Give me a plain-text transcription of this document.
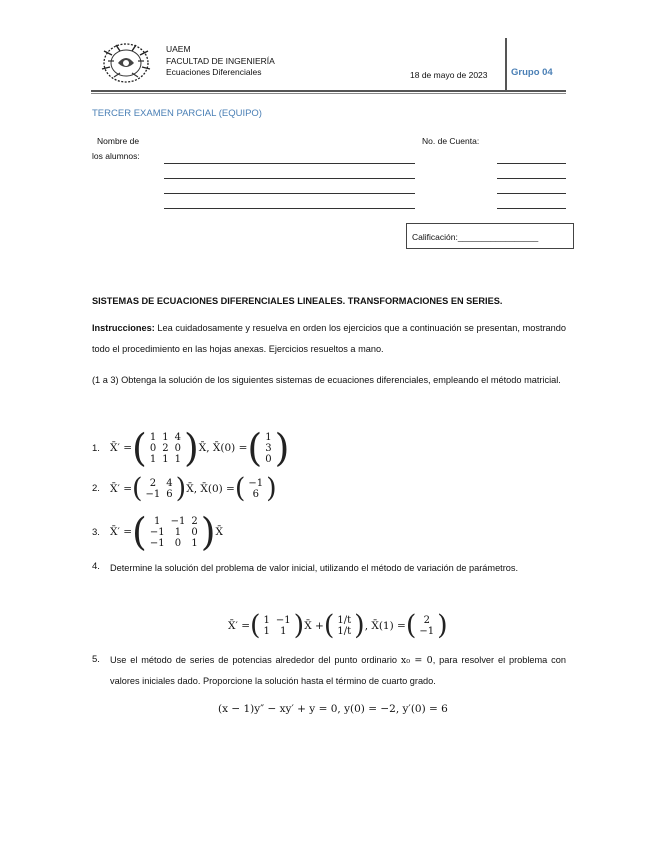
UAEM
FACULTAD DE INGENIERÍA
Ecuaciones Diferenciales	18 de mayo de 2023 Grupo 04
TERCER EXAMEN PARCIAL (EQUIPO)
Nombre de
los alumnos:
No. de Cuenta:
Calificación:_________________
SISTEMAS DE ECUACIONES DIFERENCIALES LINEALES. TRANSFORMACIONES EN SERIES.
Instrucciones: Lea cuidadosamente y resuelva en orden los ejercicios que a continuación se presentan, mostrando todo el procedimiento en las hojas anexas. Ejercicios resueltos a mano.
(1 a 3) Obtenga la solución de los siguientes sistemas de ecuaciones diferenciales, empleando el método matricial.
1. X̄′ = ( 1	1	4
0	2	0
1	1	1 ) X̄, X̄(0) = ( 1
3
0 )
2. X̄′ = ( 2	4
−1	6 ) X̄, X̄(0) = ( −1
6 )
3. X̄′ = ( 1	−1	2
−1	1	0
−1	0	1 ) X̄
4. Determine la solución del problema de valor inicial, utilizando el método de variación de parámetros.
X̄′ = ( 1	−1
1	1 ) X̄ + ( 1/t
1/t ) , X̄(1) = ( 2
−1 )
5. Use el método de series de potencias alrededor del punto ordinario x₀ = 0, para resolver el problema con valores iniciales dado. Proporcione la solución hasta el término de cuarto grado.
(x − 1)y″ − xy′ + y = 0, y(0) = −2, y′(0) = 6
